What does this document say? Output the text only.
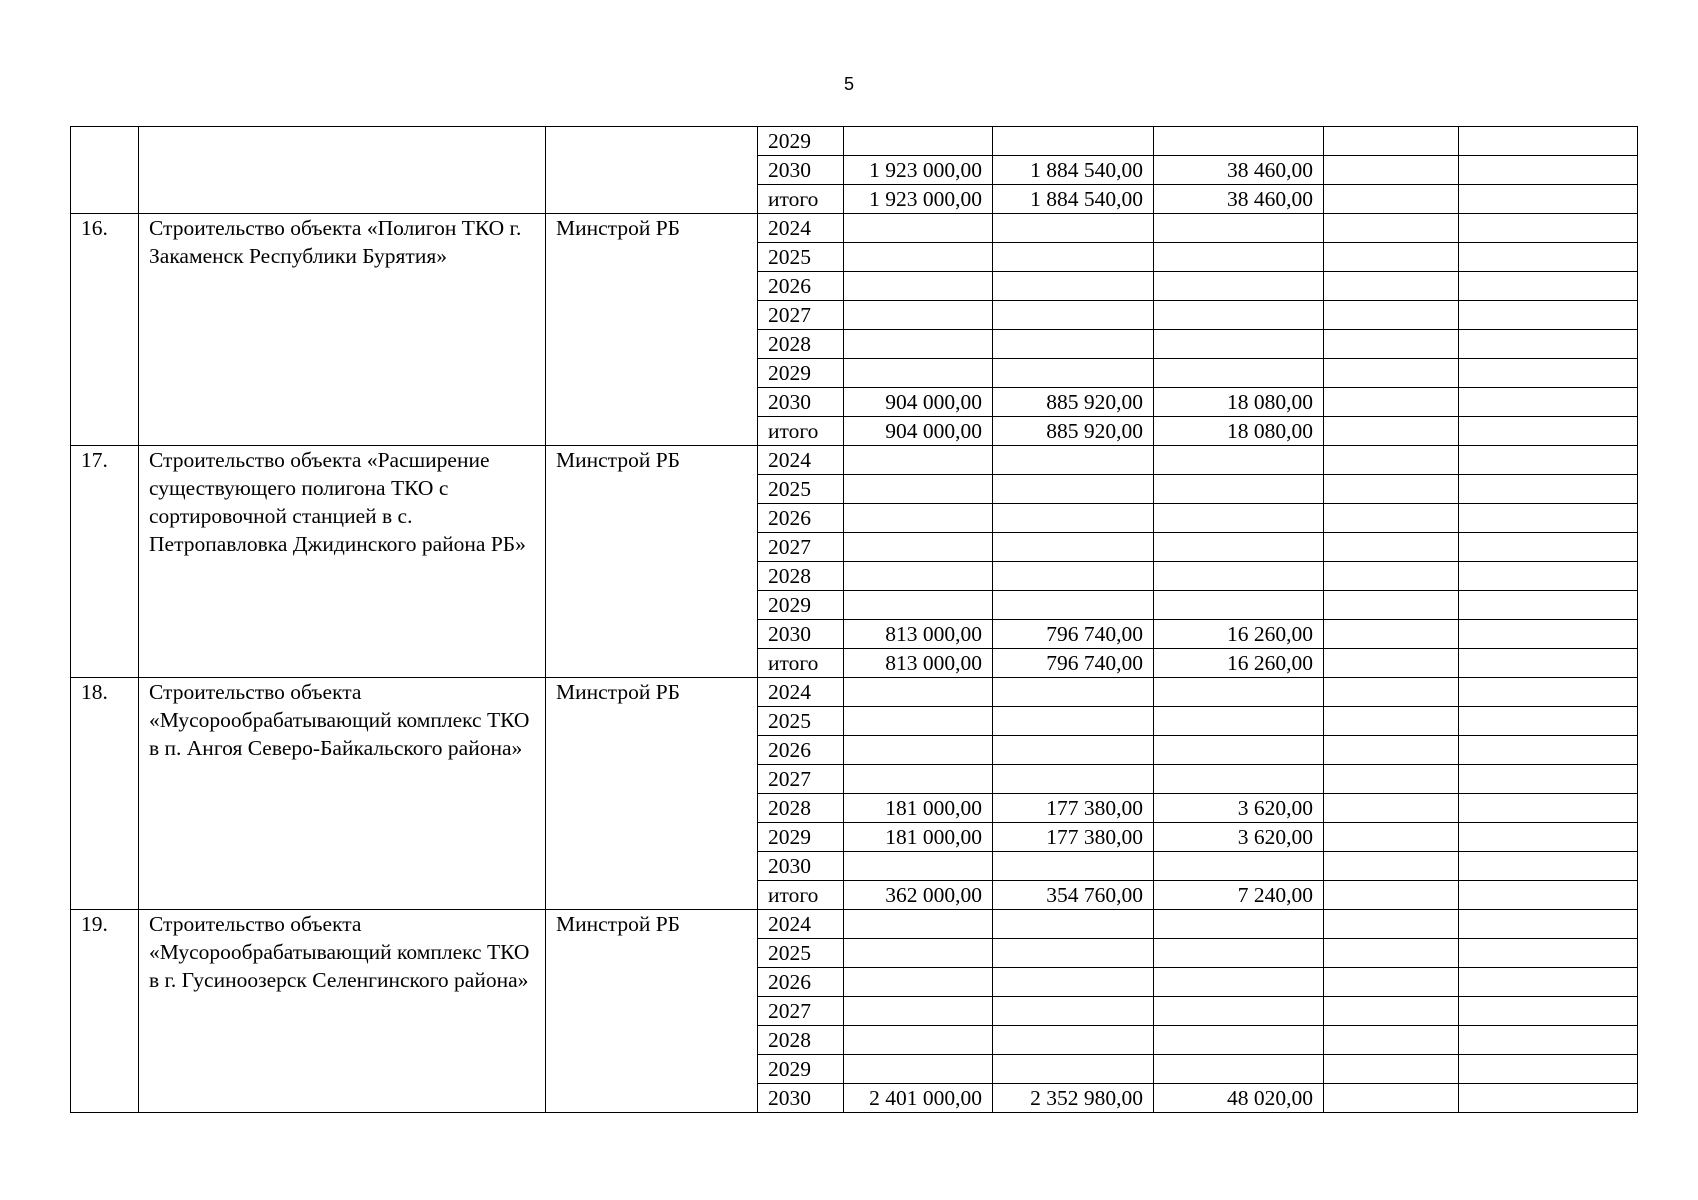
5
			2029					
			2030	1 923 000,00	1 884 540,00	38 460,00		
			итого	1 923 000,00	1 884 540,00	38 460,00		
16.	Строительство объекта «Полигон ТКО г. Закаменск Республики Бурятия»	Минстрой РБ	2024					
			2025					
			2026					
			2027					
			2028					
			2029					
			2030	904 000,00	885 920,00	18 080,00		
			итого	904 000,00	885 920,00	18 080,00		
17.	Строительство объекта «Расширение существующего полигона ТКО с сортировочной станцией в с. Петропавловка Джидинского района РБ»	Минстрой РБ	2024					
			2025					
			2026					
			2027					
			2028					
			2029					
			2030	813 000,00	796 740,00	16 260,00		
			итого	813 000,00	796 740,00	16 260,00		
18.	Строительство объекта «Мусорообрабатывающий комплекс ТКО в п. Ангоя Северо-Байкальского района»	Минстрой РБ	2024					
			2025					
			2026					
			2027					
			2028	181 000,00	177 380,00	3 620,00		
			2029	181 000,00	177 380,00	3 620,00		
			2030					
			итого	362 000,00	354 760,00	7 240,00		
19.	Строительство объекта «Мусорообрабатывающий комплекс ТКО в г. Гусиноозерск Селенгинского района»	Минстрой РБ	2024					
			2025					
			2026					
			2027					
			2028					
			2029					
			2030	2 401 000,00	2 352 980,00	48 020,00		
